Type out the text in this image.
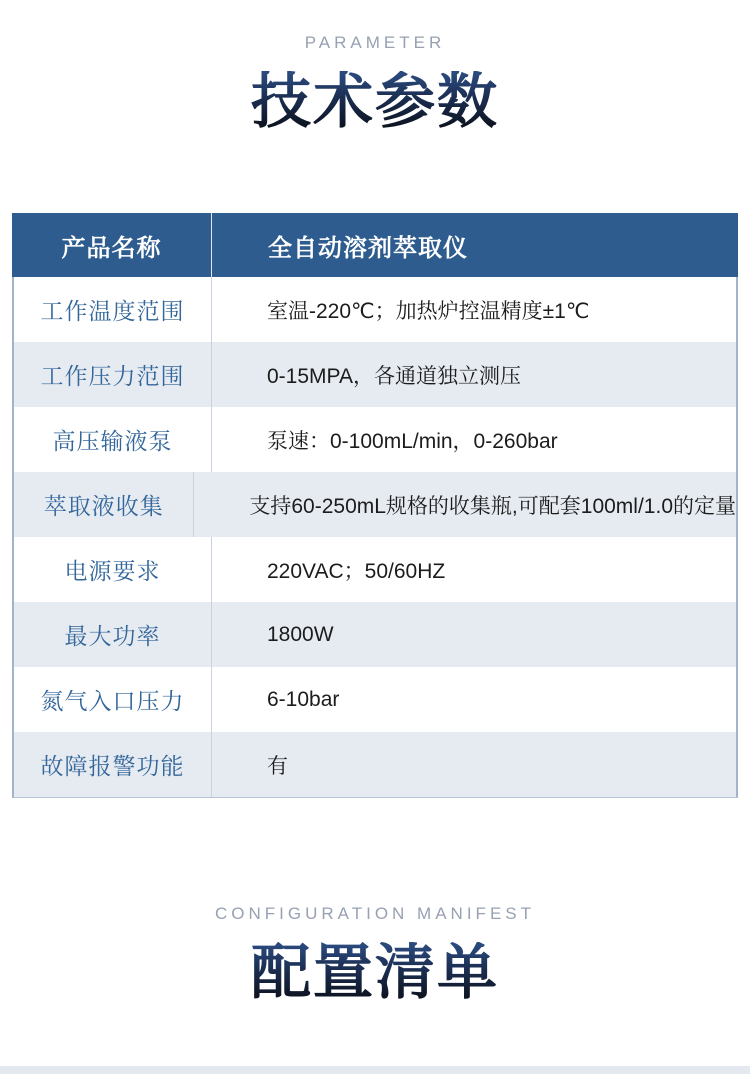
PARAMETER
技术参数
产品名称	全自动溶剂萃取仪
工作温度范围	室温-220℃；加热炉控温精度±1℃
工作压力范围	0-15MPA，各通道独立测压
高压输液泵	泵速：0-100mL/min，0-260bar
萃取液收集	支持60-250mL规格的收集瓶,可配套100ml/1.0的定量
电源要求	220VAC；50/60HZ
最大功率	1800W
氮气入口压力	6-10bar
故障报警功能	有
CONFIGURATION MANIFEST
配置清单
